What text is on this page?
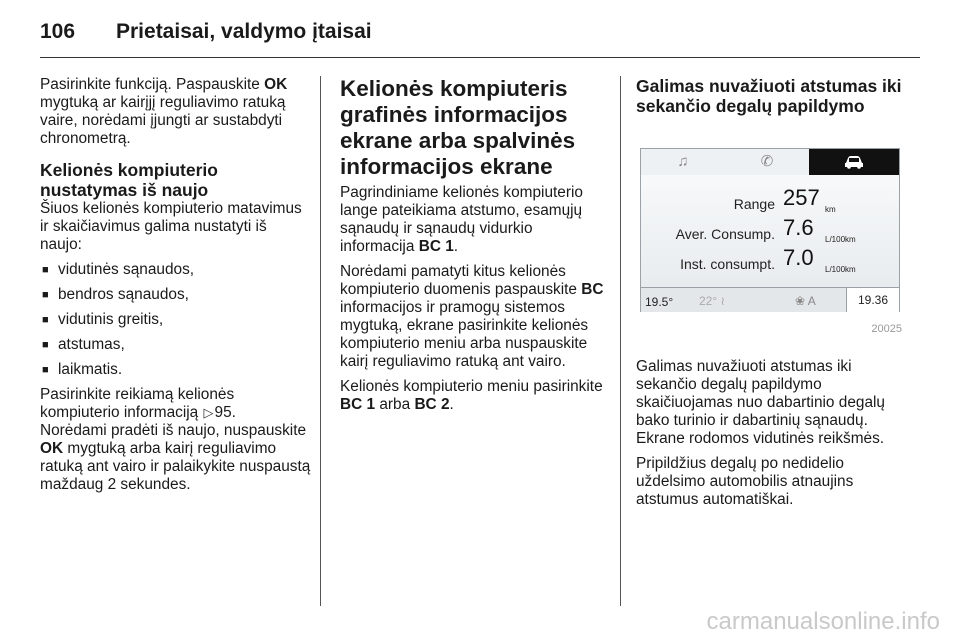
106 Prietaisai, valdymo įtaisai

Pasirinkite funkciją. Paspauskite OK mygtuką ar kairįjį reguliavimo ratuką vaire, norėdami įjungti ar sustabdyti chronometrą.

Kelionės kompiuterio nustatymas iš naujo

Šiuos kelionės kompiuterio matavimus ir skaičiavimus galima nustatyti iš naujo:

■ vidutinės sąnaudos,
■ bendros sąnaudos,
■ vidutinis greitis,
■ atstumas,
■ laikmatis.

Pasirinkite reikiamą kelionės kompiuterio informaciją ▷95.

Norėdami pradėti iš naujo, nuspauskite OK mygtuką arba kairį reguliavimo ratuką ant vairo ir palaikykite nuspaustą maždaug 2 sekundes.

Kelionės kompiuteris grafinės informacijos ekrane arba spalvinės informacijos ekrane

Pagrindiniame kelionės kompiuterio lange pateikiama atstumo, esamųjų sąnaudų ir sąnaudų vidurkio informacija BC 1.

Norėdami pamatyti kitus kelionės kompiuterio duomenis paspauskite BC informacijos ir pramogų sistemos mygtuką, ekrane pasirinkite kelionės kompiuterio meniu arba nuspauskite kairį reguliavimo ratuką ant vairo.

Kelionės kompiuterio meniu pasirinkite BC 1 arba BC 2.

Galimas nuvažiuoti atstumas iki sekančio degalų papildymo
♫	✆
Range 257 km
Aver. Consump. 7.6 L/100km
Inst. consumpt. 7.0 L/100km
19.5° 22° ≀	❀ A	19.36
20025

Galimas nuvažiuoti atstumas iki sekančio degalų papildymo skaičiuojamas nuo dabartinio degalų bako turinio ir dabartinių sąnaudų. Ekrane rodomos vidutinės reikšmės.

Pripildžius degalų po nedidelio uždelsimo automobilis atnaujins atstumus automatiškai.

carmanualsonline.info
